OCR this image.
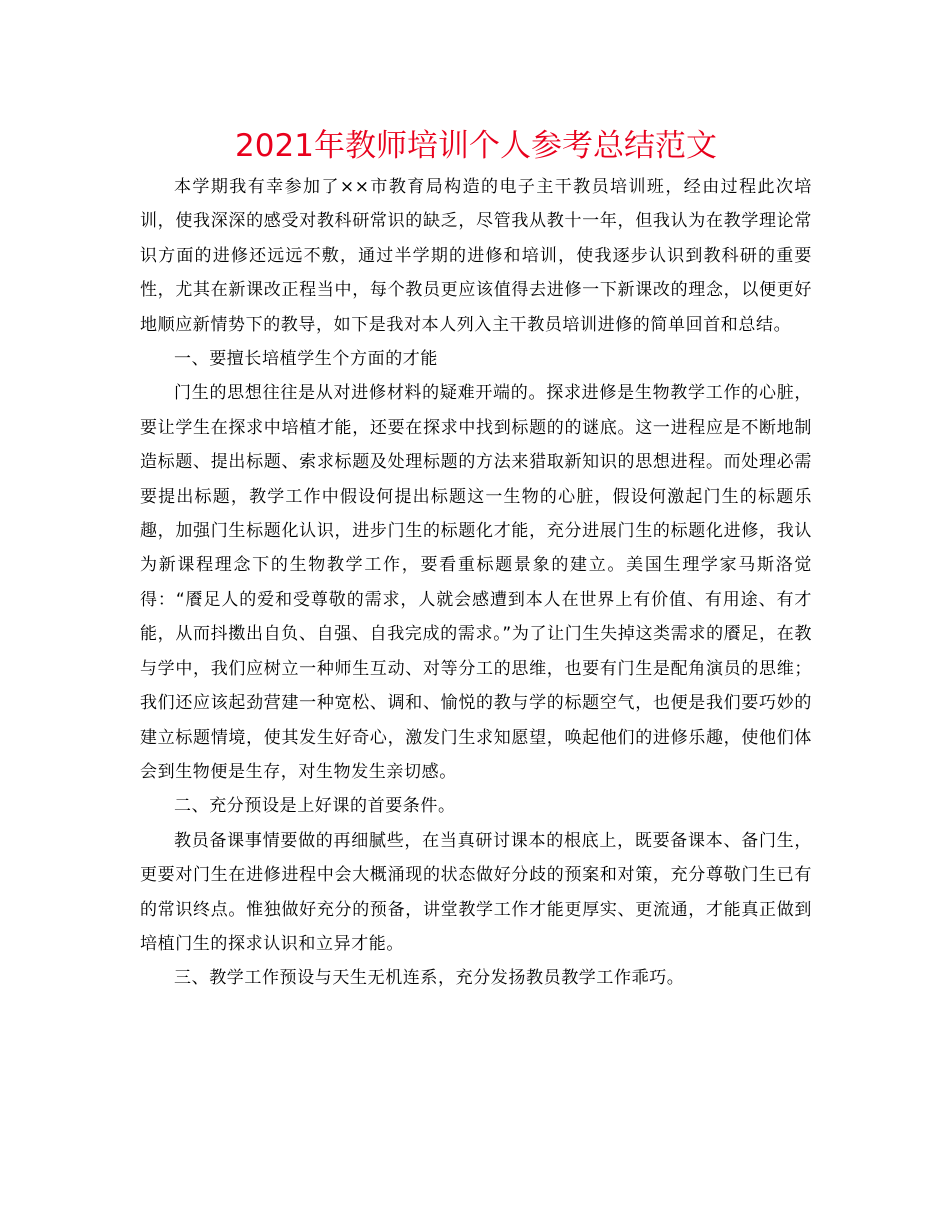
2021年教师培训个人参考总结范文

本学期我有幸参加了××市教育局构造的电子主干教员培训班，经由过程此次培训，使我深深的感受对教科研常识的缺乏，尽管我从教十一年，但我认为在教学理论常识方面的进修还远远不敷，通过半学期的进修和培训，使我逐步认识到教科研的重要性，尤其在新课改正程当中，每个教员更应该值得去进修一下新课改的理念，以便更好地顺应新情势下的教导，如下是我对本人列入主干教员培训进修的简单回首和总结。

一、要擅长培植学生个方面的才能

门生的思想往往是从对进修材料的疑难开端的。探求进修是生物教学工作的心脏，要让学生在探求中培植才能，还要在探求中找到标题的的谜底。这一进程应是不断地制造标题、提出标题、索求标题及处理标题的方法来猎取新知识的思想进程。而处理必需要提出标题，教学工作中假设何提出标题这一生物的心脏，假设何激起门生的标题乐趣，加强门生标题化认识，进步门生的标题化才能，充分进展门生的标题化进修，我认为新课程理念下的生物教学工作，要看重标题景象的建立。美国生理学家马斯洛觉得：“餍足人的爱和受尊敬的需求，人就会感遭到本人在世界上有价值、有用途、有才能，从而抖擞出自负、自强、自我完成的需求。”为了让门生失掉这类需求的餍足，在教与学中，我们应树立一种师生互动、对等分工的思维，也要有门生是配角演员的思维；我们还应该起劲营建一种宽松、调和、愉悦的教与学的标题空气，也便是我们要巧妙的建立标题情境，使其发生好奇心，激发门生求知愿望，唤起他们的进修乐趣，使他们体会到生物便是生存，对生物发生亲切感。

二、充分预设是上好课的首要条件。

教员备课事情要做的再细腻些，在当真研讨课本的根底上，既要备课本、备门生，更要对门生在进修进程中会大概涌现的状态做好分歧的预案和对策，充分尊敬门生已有的常识终点。惟独做好充分的预备，讲堂教学工作才能更厚实、更流通，才能真正做到培植门生的探求认识和立异才能。

三、教学工作预设与天生无机连系，充分发扬教员教学工作乖巧。
